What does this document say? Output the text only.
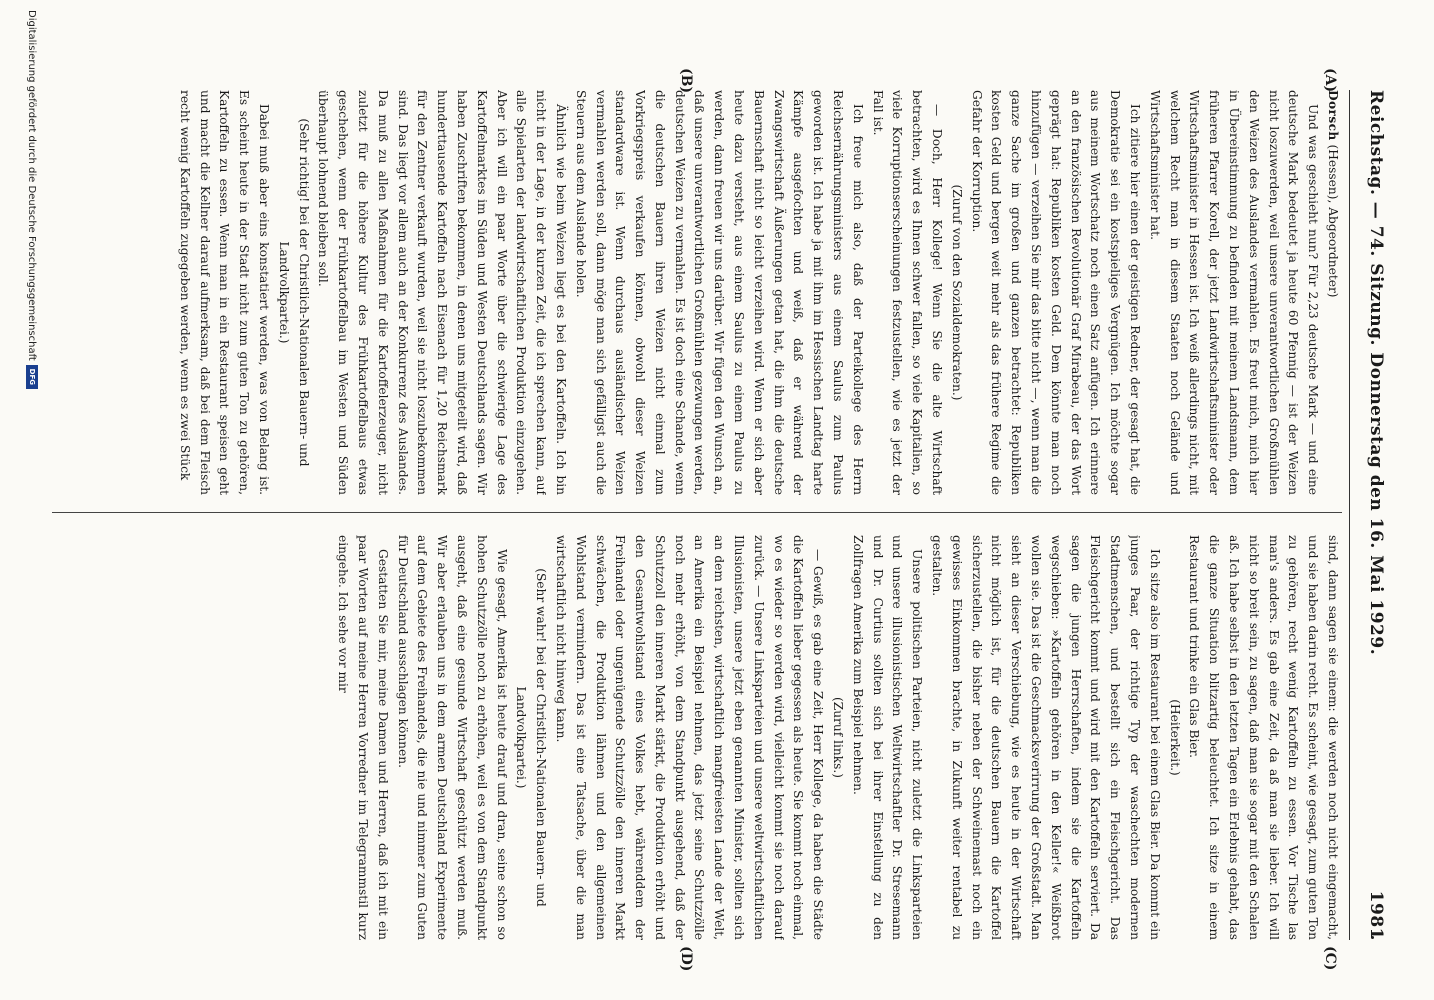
Reichstag. — 74. Sitzung. Donnerstag den 16. Mai 1929.
1981
(A)
(B)
(C)
(D)

Dorsch (Hessen), Abgeordneter)

Und was geschieht nun? Für 2,23 deutsche Mark — und eine deutsche Mark bedeutet ja heute 60 Pfennig — ist der Weizen nicht loszuwerden, weil unsere unverantwortlichen Großmühlen den Weizen des Auslandes vermahlen. Es freut mich, mich hier in Übereinstimmung zu befinden mit meinem Landsmann, dem früheren Pfarrer Korell, der jetzt Landwirtschaftsminister oder Wirtschaftsminister in Hessen ist. Ich weiß allerdings nicht, mit welchem Recht man in diesem Staaten noch Gelände und Wirtschaftsminister hat.

Ich zitiere hier einen der geistigen Redner, der gesagt hat, die Demokratie sei ein kostspieliges Vergnügen. Ich möchte sogar aus meinem Wortschatz noch einen Satz anfügen. Ich erinnere an den französischen Revolutionär Graf Mirabeau, der das Wort geprägt hat: Republiken kosten Geld. Dem könnte man noch hinzufügen — verzeihen Sie mir das bitte nicht —, wenn man die ganze Sache im großen und ganzen betrachtet: Republiken kosten Geld und bergen weit mehr als das frühere Regime die Gefahr der Korruption.

(Zuruf von den Sozialdemokraten.)

— Doch, Herr Kollege! Wenn Sie die alte Wirtschaft betrachten, wird es Ihnen schwer fallen, so viele Kapitalien, so viele Korruptionserscheinungen festzustellen, wie es jetzt der Fall ist.

Ich freue mich also, daß der Parteikollege des Herrn Reichsernährungsministers aus einem Saulus zum Paulus geworden ist. Ich habe ja mit ihm im Hessischen Landtag harte Kämpfe ausgefochten und weiß, daß er während der Zwangswirtschaft Äußerungen getan hat, die ihm die deutsche Bauernschaft nicht so leicht verzeihen wird. Wenn er sich aber heute dazu versteht, aus einem Saulus zu einem Paulus zu werden, dann freuen wir uns darüber. Wir fügen den Wunsch an, daß unsere unverantwortlichen Großmühlen gezwungen werden, deutschen Weizen zu vermahlen. Es ist doch eine Schande, wenn die deutschen Bauern ihren Weizen nicht einmal zum Vorkriegspreis verkaufen können, obwohl dieser Weizen standardware ist. Wenn durchaus ausländischer Weizen vermahlen werden soll, dann möge man sich gefälligst auch die Steuern aus dem Auslande holen.

Ähnlich wie beim Weizen liegt es bei den Kartoffeln. Ich bin nicht in der Lage, in der kurzen Zeit, die ich sprechen kann, auf alle Spielarten der landwirtschaftlichen Produktion einzugehen. Aber ich will ein paar Worte über die schwierige Lage des Kartoffelmarktes im Süden und Westen Deutschlands sagen. Wir haben Zuschriften bekommen, in denen uns mitgeteilt wird, daß hunderttausende Kartoffeln nach Eisenach für 1,20 Reichsmark für den Zentner verkauft wurden, weil sie nicht loszubekommen sind. Das liegt vor allem auch an der Konkurrenz des Auslandes. Da muß zu allen Maßnahmen für die Kartoffelerzeuger, nicht zuletzt für die höhere Kultur des Frühkartoffelbaus etwas geschehen, wenn der Frühkartoffelbau im Westen und Süden überhaupt lohnend bleiben soll.

(Sehr richtig! bei der Christlich-Nationalen Bauern- und Landvolkpartei.)

Dabei muß aber eins konstatiert werden, was von Belang ist. Es scheint heute in der Stadt nicht zum guten Ton zu gehören, Kartoffeln zu essen. Wenn man in ein Restaurant speisen geht und macht die Kellner darauf aufmerksam, daß bei dem Fleisch recht wenig Kartoffeln zugegeben werden, wenn es zwei Stück

sind, dann sagen sie einem: die werden noch nicht eingemacht, und sie haben darin recht. Es scheint, wie gesagt, zum guten Ton zu gehören, recht wenig Kartoffeln zu essen. Vor Tische las man's anders. Es gab eine Zeit, da aß man sie lieber. Ich will nicht so breit sein, zu sagen, daß man sie sogar mit den Schalen aß. Ich habe selbst in den letzten Tagen ein Erlebnis gehabt, das die ganze Situation blitzartig beleuchtet. Ich sitze in einem Restaurant und trinke ein Glas Bier.

(Heiterkeit.)

Ich sitze also im Restaurant bei einem Glas Bier. Da kommt ein junges Paar, der richtige Typ der waschechten modernen Stadtmenschen, und bestellt sich ein Fleischgericht. Das Fleischgericht kommt und wird mit den Kartoffeln serviert. Da sagen die jungen Herrschaften, indem sie die Kartoffeln wegschieben: »Kartoffeln gehören in den Keller!« Weißbrot wollen sie. Das ist die Geschmacksverirrung der Großstadt. Man sieht an dieser Verschiebung, wie es heute in der Wirtschaft nicht möglich ist, für die deutschen Bauern die Kartoffel sicherzustellen, die bisher neben der Schweinemast noch ein gewisses Einkommen brachte, in Zukunft weiter rentabel zu gestalten.

Unsere politischen Parteien, nicht zuletzt die Linksparteien und unsere illusionistischen Weltwirtschaftler Dr. Stresemann und Dr. Curtius sollten sich bei ihrer Einstellung zu den Zollfragen Amerika zum Beispiel nehmen.

(Zuruf links.)

— Gewiß, es gab eine Zeit, Herr Kollege, da haben die Städte die Kartoffeln lieber gegessen als heute. Sie kommt noch einmal, wo es wieder so werden wird, vielleicht kommt sie noch darauf zurück. — Unsere Linksparteien und unsere weltwirtschaftlichen Illusionisten, unsere jetzt eben genannten Minister, sollten sich an dem reichsten, wirtschaftlich mangfreiesten Lande der Welt, an Amerika ein Beispiel nehmen, das jetzt seine Schutzzölle noch mehr erhöht, von dem Standpunkt ausgehend, daß der Schutzzoll den inneren Markt stärkt, die Produktion erhöht und den Gesamtwohlstand eines Volkes hebt, währenddem der Freihandel oder ungenügende Schutzzölle den inneren Markt schwächen, die Produktion lähmen und den allgemeinen Wohlstand vermindern. Das ist eine Tatsache, über die man wirtschaftlich nicht hinweg kann.

(Sehr wahr! bei der Christlich-Nationalen Bauern- und Landvolkpartei.)

Wie gesagt, Amerika ist heute drauf und dran, seine schon so hohen Schutzzölle noch zu erhöhen, weil es von dem Standpunkt ausgeht, daß eine gesunde Wirtschaft geschützt werden muß. Wir aber erlauben uns in dem armen Deutschland Experimente auf dem Gebiete des Freihandels, die nie und nimmer zum Guten für Deutschland ausschlagen können.

Gestatten Sie mir, meine Damen und Herren, daß ich mit ein paar Worten auf meine Herren Vorredner im Telegrammstil kurz eingehe. Ich sehe vor mir

Digitalisierung gefördert durch die Deutsche Forschungsgemeinschaft
DFG
